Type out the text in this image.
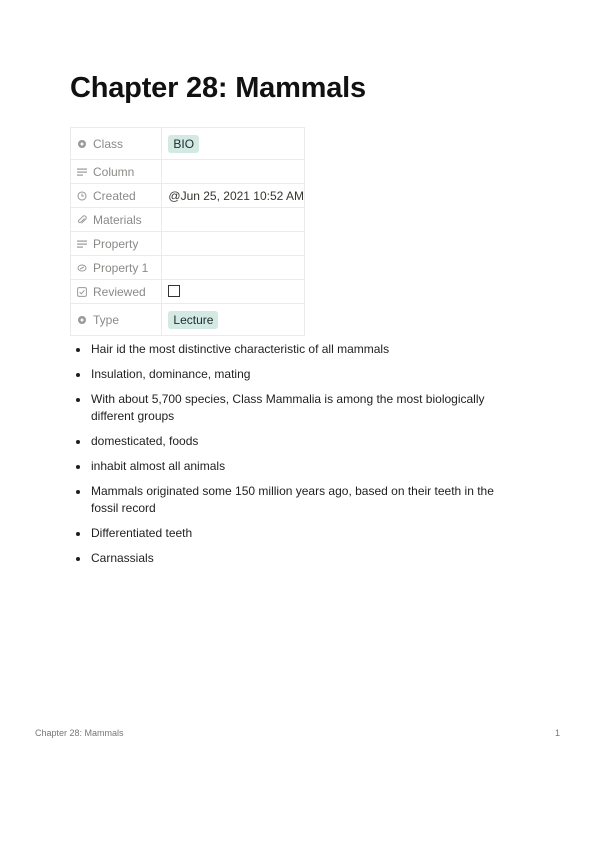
Chapter 28: Mammals
Class	BIO

Column	

Created	@Jun 25, 2021 10:52 AM

Materials	

Property	

Property 1	

Reviewed	

Type	Lecture
Hair id the most distinctive characteristic of all mammals
Insulation, dominance, mating
With about 5,700 species, Class Mammalia is among the most biologically different groups
domesticated, foods
inhabit almost all animals
Mammals originated some 150 million years ago, based on their teeth in the fossil record
Differentiated teeth
Carnassials
Chapter 28: Mammals	1
